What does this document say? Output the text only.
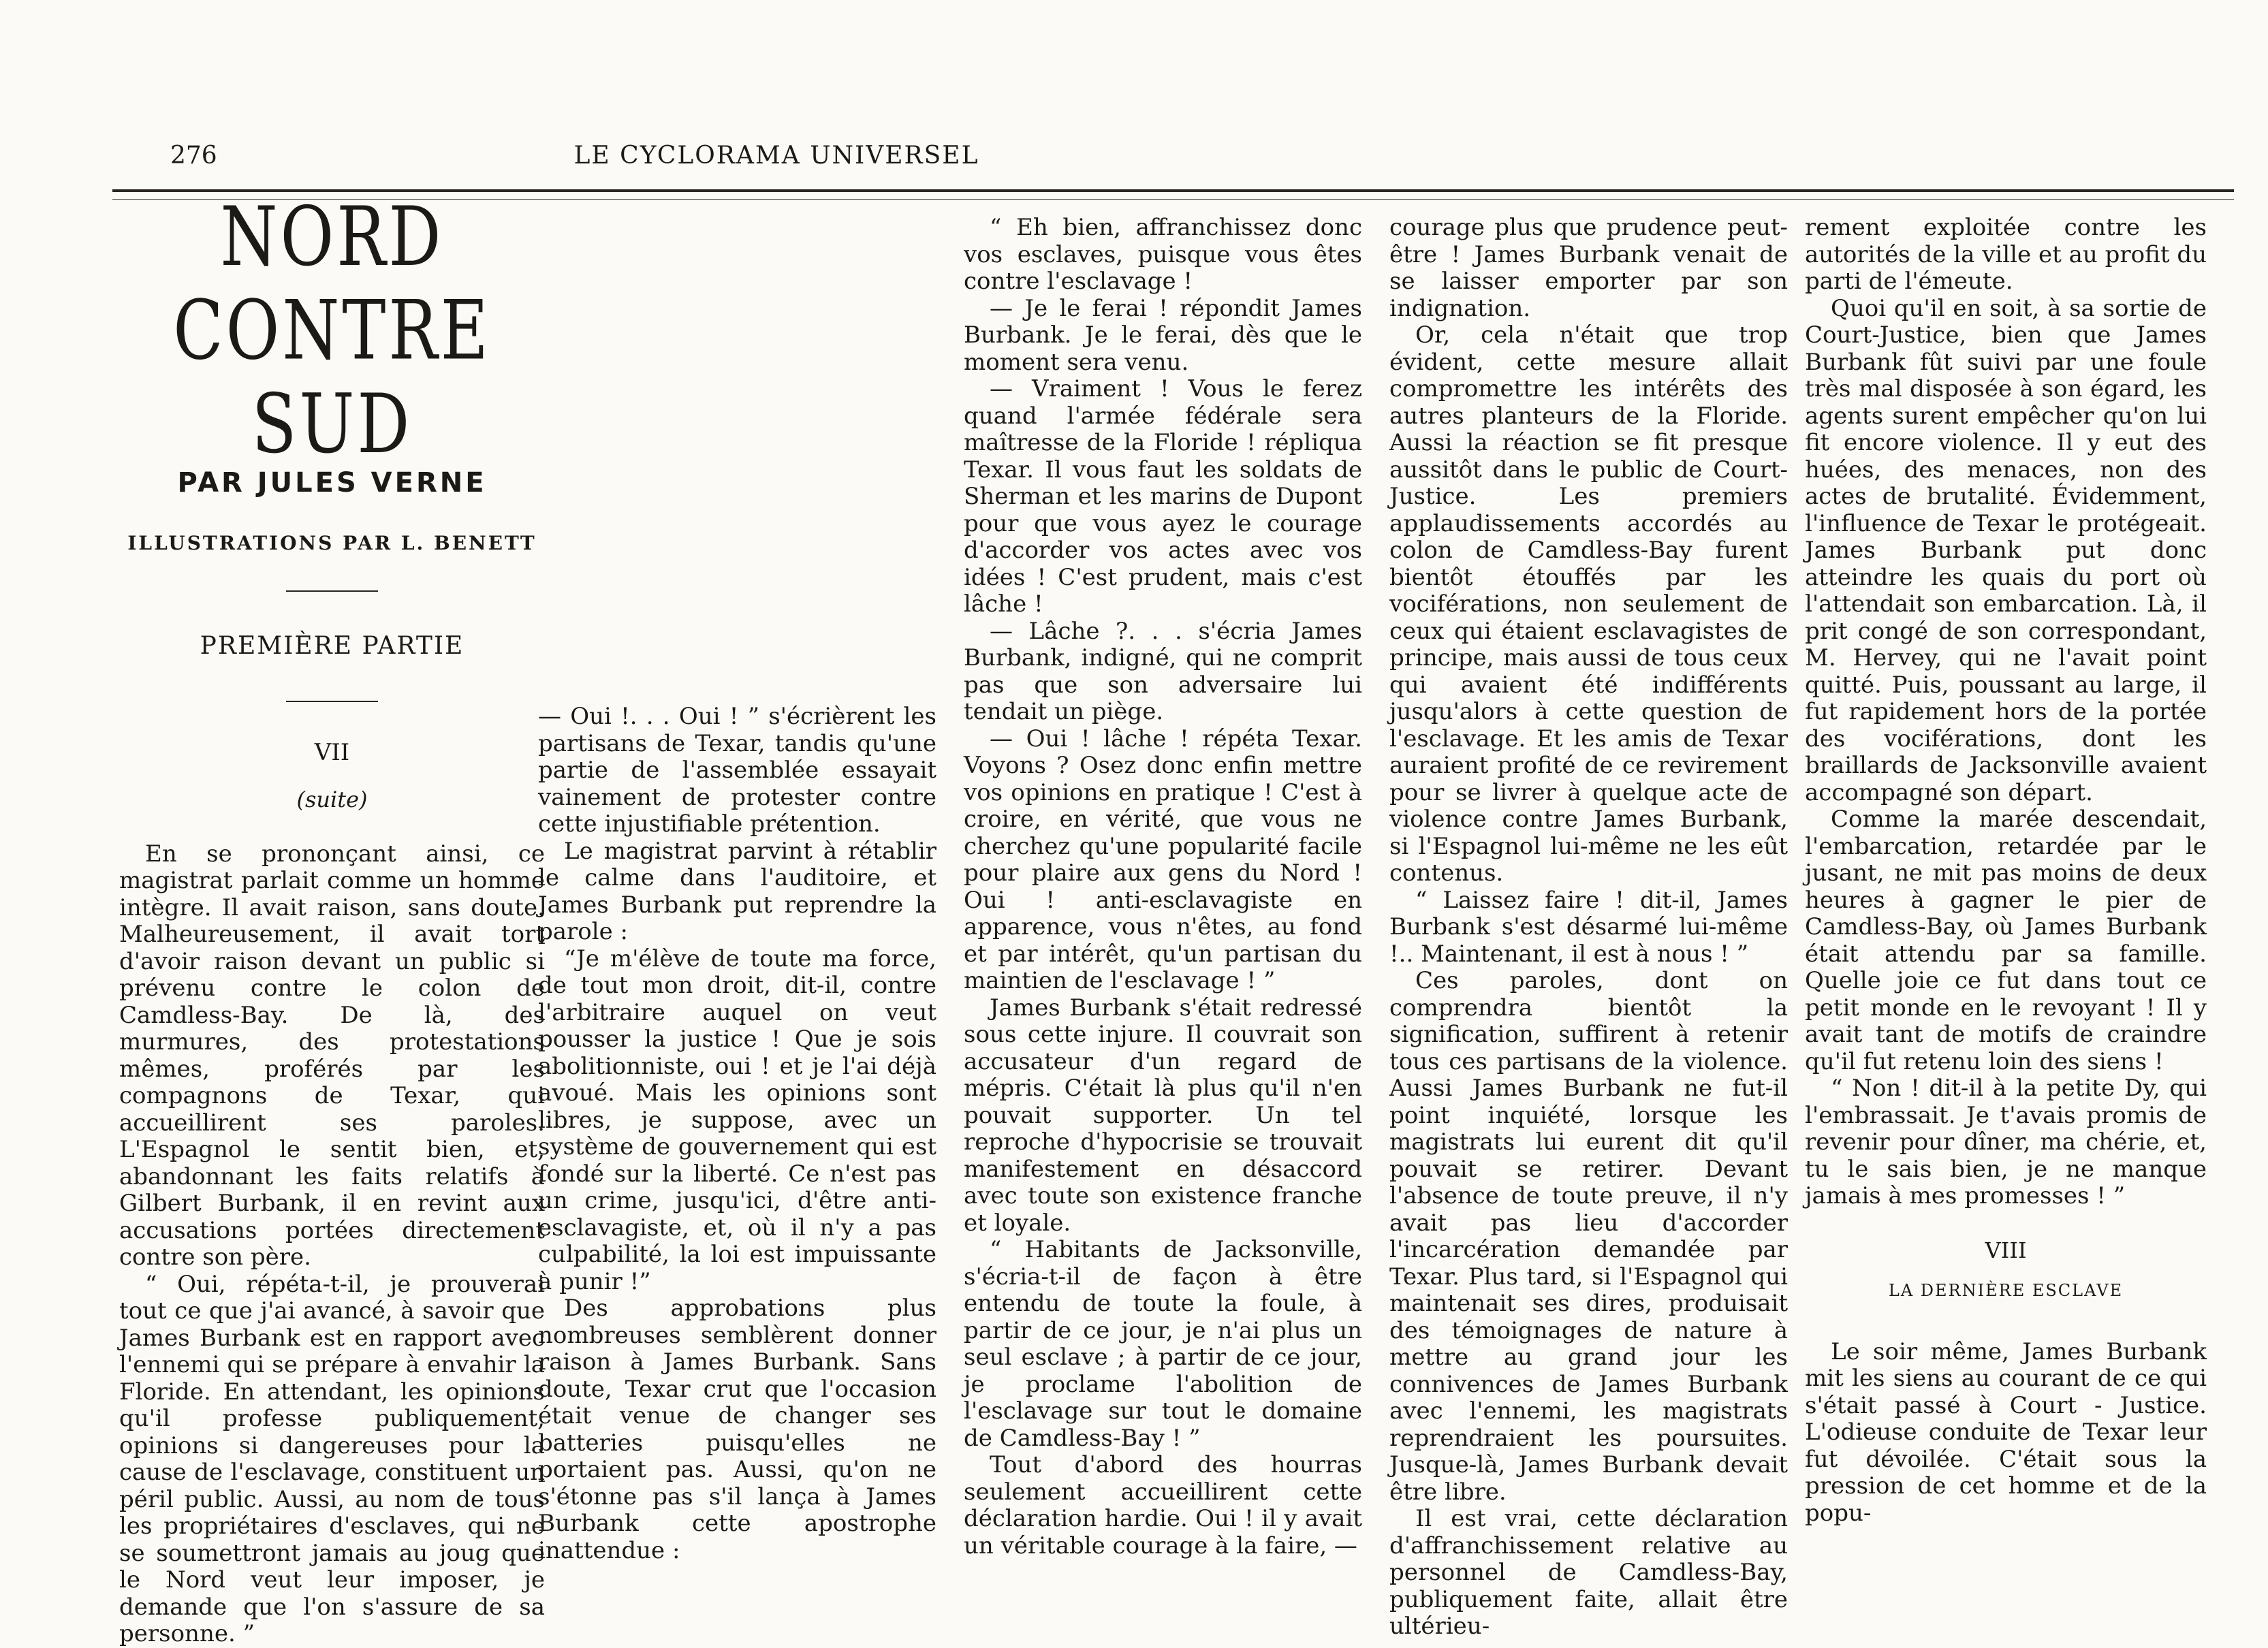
276	LE CYCLORAMA UNIVERSEL
NORD CONTRE SUD
PAR JULES VERNE
ILLUSTRATIONS PAR L. BENETT
PREMIÈRE PARTIE
VII
(suite)

En se prononçant ainsi, ce magistrat parlait comme un homme intègre. Il avait raison, sans doute. Malheureusement, il avait tort d'avoir raison devant un public si prévenu contre le colon de Camdless-Bay. De là, des murmures, des protestations mêmes, proférés par les compagnons de Texar, qui accueillirent ses paroles. L'Espagnol le sentit bien, et, abandonnant les faits relatifs à Gilbert Burbank, il en revint aux accusations portées directement contre son père.

“ Oui, répéta-t-il, je prouverai tout ce que j'ai avancé, à savoir que James Burbank est en rapport avec l'ennemi qui se prépare à envahir la Floride. En attendant, les opinions qu'il professe publiquement, opinions si dangereuses pour la cause de l'esclavage, constituent un péril public. Aussi, au nom de tous les propriétaires d'esclaves, qui ne se soumettront jamais au joug que le Nord veut leur imposer, je demande que l'on s'assure de sa personne. ”

— Oui !. . . Oui ! ” s'écrièrent les partisans de Texar, tandis qu'une partie de l'assemblée essayait vainement de protester contre cette injustifiable prétention.

Le magistrat parvint à rétablir le calme dans l'auditoire, et James Burbank put reprendre la parole :

“Je m'élève de toute ma force, de tout mon droit, dit-il, contre l'arbitraire auquel on veut pousser la justice ! Que je sois abolitionniste, oui ! et je l'ai déjà avoué. Mais les opinions sont libres, je suppose, avec un système de gouvernement qui est fondé sur la liberté. Ce n'est pas un crime, jusqu'ici, d'être anti-esclavagiste, et, où il n'y a pas culpabilité, la loi est impuissante à punir !”

Des approbations plus nombreuses semblèrent donner raison à James Burbank. Sans doute, Texar crut que l'occasion était venue de changer ses batteries puisqu'elles ne portaient pas. Aussi, qu'on ne s'étonne pas s'il lança à James Burbank cette apostrophe inattendue :

“ Eh bien, affranchissez donc vos esclaves, puisque vous êtes contre l'esclavage !

— Je le ferai ! répondit James Burbank. Je le ferai, dès que le moment sera venu.

— Vraiment ! Vous le ferez quand l'armée fédérale sera maîtresse de la Floride ! répliqua Texar. Il vous faut les soldats de Sherman et les marins de Dupont pour que vous ayez le courage d'accorder vos actes avec vos idées ! C'est prudent, mais c'est lâche !

— Lâche ?. . . s'écria James Burbank, indigné, qui ne comprit pas que son adversaire lui tendait un piège.

— Oui ! lâche ! répéta Texar. Voyons ? Osez donc enfin mettre vos opinions en pratique ! C'est à croire, en vérité, que vous ne cherchez qu'une popularité facile pour plaire aux gens du Nord ! Oui ! anti-esclavagiste en apparence, vous n'êtes, au fond et par intérêt, qu'un partisan du maintien de l'esclavage ! ”

James Burbank s'était redressé sous cette injure. Il couvrait son accusateur d'un regard de mépris. C'était là plus qu'il n'en pouvait supporter. Un tel reproche d'hypocrisie se trouvait manifestement en désaccord avec toute son existence franche et loyale.

“ Habitants de Jacksonville, s'écria-t-il de façon à être entendu de toute la foule, à partir de ce jour, je n'ai plus un seul esclave ; à partir de ce jour, je proclame l'abolition de l'esclavage sur tout le domaine de Camdless-Bay ! ”

Tout d'abord des hourras seulement accueillirent cette déclaration hardie. Oui ! il y avait un véritable courage à la faire, —

courage plus que prudence peut-être ! James Burbank venait de se laisser emporter par son indignation.

Or, cela n'était que trop évident, cette mesure allait compromettre les intérêts des autres planteurs de la Floride. Aussi la réaction se fit presque aussitôt dans le public de Court-Justice. Les premiers applaudissements accordés au colon de Camdless-Bay furent bientôt étouffés par les vociférations, non seulement de ceux qui étaient esclavagistes de principe, mais aussi de tous ceux qui avaient été indifférents jusqu'alors à cette question de l'esclavage. Et les amis de Texar auraient profité de ce revirement pour se livrer à quelque acte de violence contre James Burbank, si l'Espagnol lui-même ne les eût contenus.

“ Laissez faire ! dit-il, James Burbank s'est désarmé lui-même !.. Maintenant, il est à nous ! ”

Ces paroles, dont on comprendra bientôt la signification, suffirent à retenir tous ces partisans de la violence. Aussi James Burbank ne fut-il point inquiété, lorsque les magistrats lui eurent dit qu'il pouvait se retirer. Devant l'absence de toute preuve, il n'y avait pas lieu d'accorder l'incarcération demandée par Texar. Plus tard, si l'Espagnol qui maintenait ses dires, produisait des témoignages de nature à mettre au grand jour les connivences de James Burbank avec l'ennemi, les magistrats reprendraient les poursuites. Jusque-là, James Burbank devait être libre.

Il est vrai, cette déclaration d'affranchissement relative au personnel de Camdless-Bay, publiquement faite, allait être ultérieu-

rement exploitée contre les autorités de la ville et au profit du parti de l'émeute.

Quoi qu'il en soit, à sa sortie de Court-Justice, bien que James Burbank fût suivi par une foule très mal disposée à son égard, les agents surent empêcher qu'on lui fit encore violence. Il y eut des huées, des menaces, non des actes de brutalité. Évidemment, l'influence de Texar le protégeait. James Burbank put donc atteindre les quais du port où l'attendait son embarcation. Là, il prit congé de son correspondant, M. Hervey, qui ne l'avait point quitté. Puis, poussant au large, il fut rapidement hors de la portée des vociférations, dont les braillards de Jacksonville avaient accompagné son départ.

Comme la marée descendait, l'embarcation, retardée par le jusant, ne mit pas moins de deux heures à gagner le pier de Camdless-Bay, où James Burbank était attendu par sa famille. Quelle joie ce fut dans tout ce petit monde en le revoyant ! Il y avait tant de motifs de craindre qu'il fut retenu loin des siens !

“ Non ! dit-il à la petite Dy, qui l'embrassait. Je t'avais promis de revenir pour dîner, ma chérie, et, tu le sais bien, je ne manque jamais à mes promesses ! ”

VIII
LA DERNIÈRE ESCLAVE

Le soir même, James Burbank mit les siens au courant de ce qui s'était passé à Court - Justice. L'odieuse conduite de Texar leur fut dévoilée. C'était sous la pression de cet homme et de la popu-
